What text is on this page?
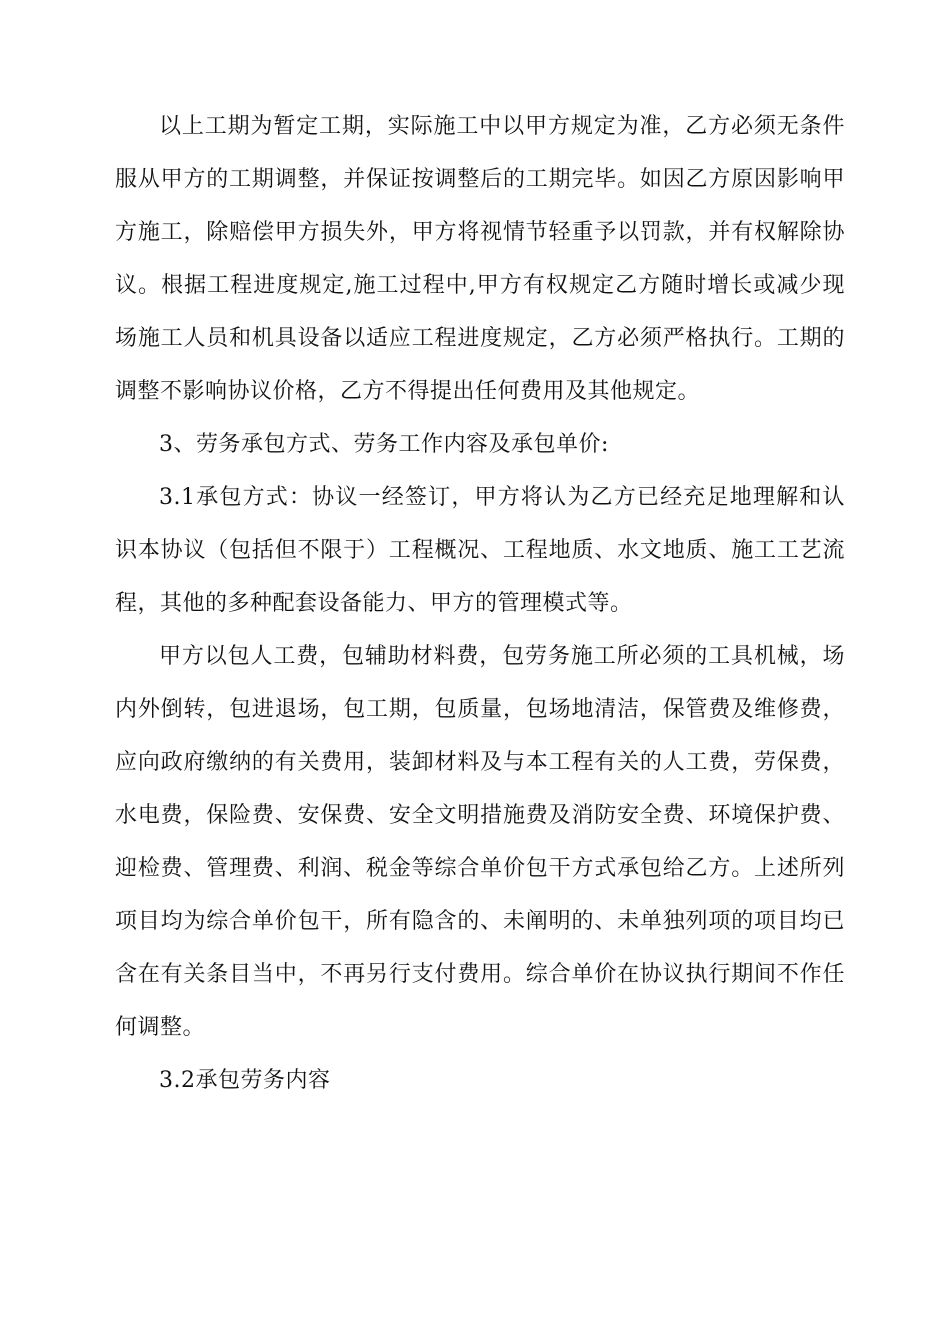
以上工期为暂定工期，实际施工中以甲方规定为准，乙方必须无条件服从甲方的工期调整，并保证按调整后的工期完毕。如因乙方原因影响甲方施工，除赔偿甲方损失外，甲方将视情节轻重予以罚款，并有权解除协议。根据工程进度规定,施工过程中,甲方有权规定乙方随时增长或减少现场施工人员和机具设备以适应工程进度规定，乙方必须严格执行。工期的调整不影响协议价格，乙方不得提出任何费用及其他规定。

3、劳务承包方式、劳务工作内容及承包单价:

3.1承包方式：协议一经签订，甲方将认为乙方已经充足地理解和认识本协议（包括但不限于）工程概况、工程地质、水文地质、施工工艺流程，其他的多种配套设备能力、甲方的管理模式等。

甲方以包人工费，包辅助材料费，包劳务施工所必须的工具机械，场内外倒转，包进退场，包工期，包质量，包场地清洁，保管费及维修费，应向政府缴纳的有关费用，装卸材料及与本工程有关的人工费，劳保费，水电费，保险费、安保费、安全文明措施费及消防安全费、环境保护费、迎检费、管理费、利润、税金等综合单价包干方式承包给乙方。上述所列项目均为综合单价包干，所有隐含的、未阐明的、未单独列项的项目均已含在有关条目当中，不再另行支付费用。综合单价在协议执行期间不作任何调整。

3.2承包劳务内容
